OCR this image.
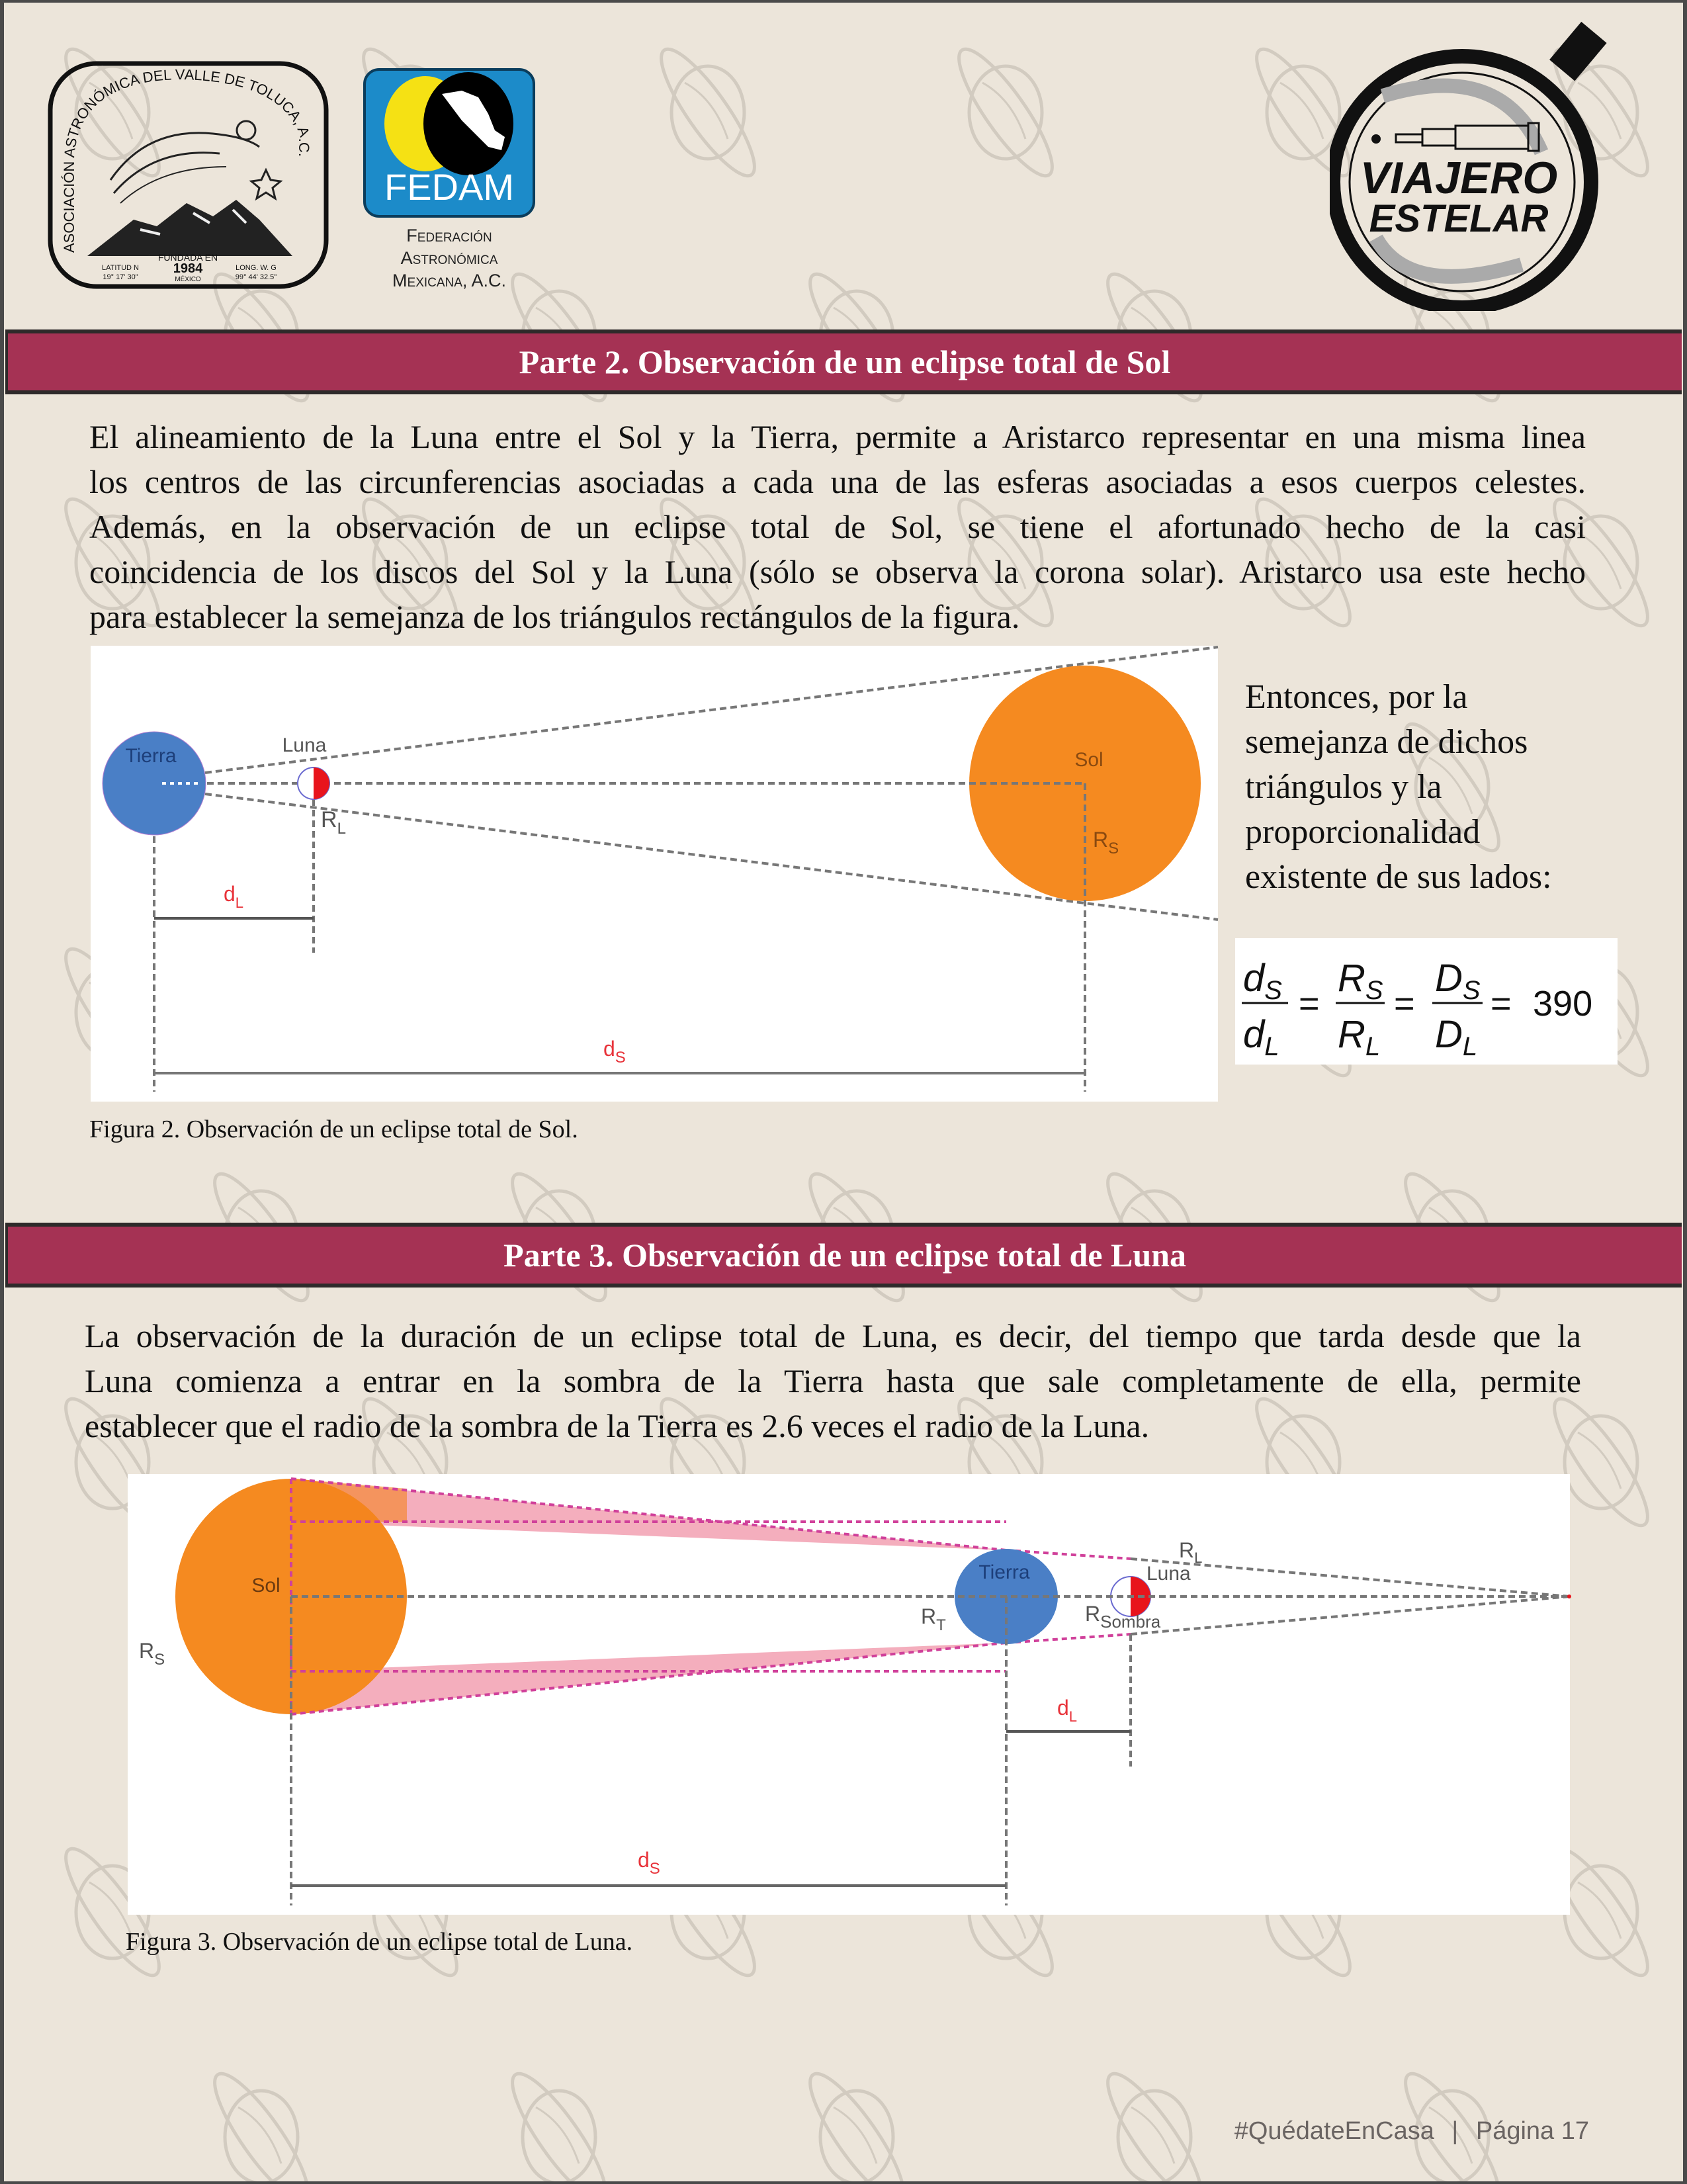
ASOCIACIÓN ASTRONÓMICA DEL VALLE DE TOLUCA, A.C.
FUNDADA EN
1984
MÉXICO
LATITUD N
19° 17' 30"
LONG. W. G
99° 44' 32.5"
FEDAM
Federación
Astronómica
Mexicana, A.C.
VIAJERO
ESTELAR
Parte 2. Observación de un eclipse total de Sol
El alineamiento de la Luna entre el Sol y la Tierra, permite a Aristarco representar en una misma linea
los centros de las circunferencias asociadas a cada una de las esferas asociadas a esos cuerpos celestes.
Además, en la observación de un eclipse total de Sol, se tiene el afortunado hecho de la casi
coincidencia de los discos del Sol y la Luna (sólo se observa la corona solar). Aristarco usa este hecho
para establecer la semejanza de los triángulos rectángulos de la figura.
Tierra	Luna
Sol
$R_L$	$R_S$
$d_L$
$d_S$
Entonces, por la
semejanza de dichos
triángulos y la
proporcionalidad
existente de sus lados:
$d_S$
$d_L$
$R_S$
$R_L$
$D_S$
$D_L$
= = = 390
Figura 2. Observación de un eclipse total de Sol.
Parte 3. Observación de un eclipse total de Luna
La observación de la duración de un eclipse total de Luna, es decir, del tiempo que tarda desde que la
Luna comienza a entrar en la sombra de la Tierra hasta que sale completamente de ella, permite
establecer que el radio de la sombra de la Tierra es 2.6 veces el radio de la Luna.
Sol
$R_S$
Tierra
$R_T$
Luna
$R_L$
$R_{Sombra}$
$d_L$
$d_S$
Figura 3. Observación de un eclipse total de Luna.
#QuédateEnCasa | Página 17
